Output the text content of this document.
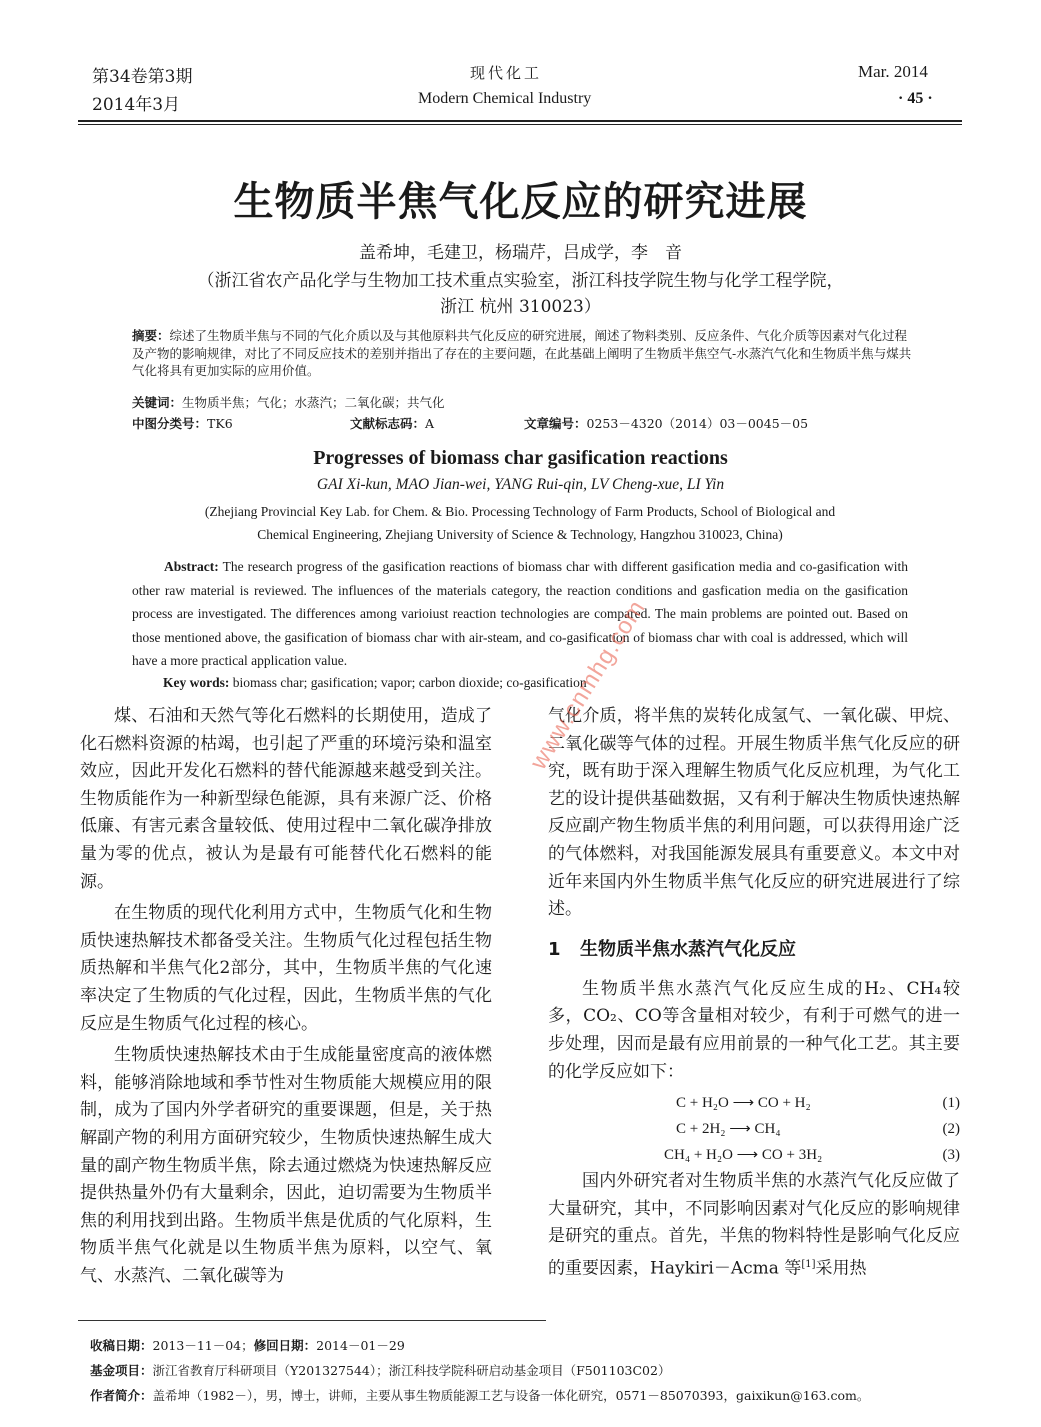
第34卷第3期
2014年3月
现代化工
Modern Chemical Industry
Mar. 2014
· 45 ·
生物质半焦气化反应的研究进展
盖希坤，毛建卫，杨瑞芹，吕成学，李　音
（浙江省农产品化学与生物加工技术重点实验室，浙江科技学院生物与化学工程学院，
浙江 杭州 310023）
摘要：综述了生物质半焦与不同的气化介质以及与其他原料共气化反应的研究进展，阐述了物料类别、反应条件、气化介质等因素对气化过程及产物的影响规律，对比了不同反应技术的差别并指出了存在的主要问题，在此基础上阐明了生物质半焦空气-水蒸汽气化和生物质半焦与煤共气化将具有更加实际的应用价值。
关键词：生物质半焦；气化；水蒸汽；二氧化碳；共气化
中图分类号：TK6	文献标志码：A	文章编号：0253－4320（2014）03－0045－05
Progresses of biomass char gasification reactions
GAI Xi-kun, MAO Jian-wei, YANG Rui-qin, LV Cheng-xue, LI Yin
(Zhejiang Provincial Key Lab. for Chem. & Bio. Processing Technology of Farm Products, School of Biological and
Chemical Engineering, Zhejiang University of Science & Technology, Hangzhou 310023, China)
Abstract: The research progress of the gasification reactions of biomass char with different gasification media and co-gasification with other raw material is reviewed. The influences of the materials category, the reaction conditions and gasfication media on the gasification process are investigated. The differences among varioiust reaction technologies are compared. The main problems are pointed out. Based on those mentioned above, the gasification of biomass char with air-steam, and co-gasification of biomass char with coal is addressed, which will have a more practical application value.
Key words: biomass char; gasification; vapor; carbon dioxide; co-gasification

煤、石油和天然气等化石燃料的长期使用，造成了化石燃料资源的枯竭，也引起了严重的环境污染和温室效应，因此开发化石燃料的替代能源越来越受到关注。生物质能作为一种新型绿色能源，具有来源广泛、价格低廉、有害元素含量较低、使用过程中二氧化碳净排放量为零的优点，被认为是最有可能替代化石燃料的能源。

在生物质的现代化利用方式中，生物质气化和生物质快速热解技术都备受关注。生物质气化过程包括生物质热解和半焦气化2部分，其中，生物质半焦的气化速率决定了生物质的气化过程，因此，生物质半焦的气化反应是生物质气化过程的核心。

生物质快速热解技术由于生成能量密度高的液体燃料，能够消除地域和季节性对生物质能大规模应用的限制，成为了国内外学者研究的重要课题，但是，关于热解副产物的利用方面研究较少，生物质快速热解生成大量的副产物生物质半焦，除去通过燃烧为快速热解反应提供热量外仍有大量剩余，因此，迫切需要为生物质半焦的利用找到出路。生物质半焦是优质的气化原料，生物质半焦气化就是以生物质半焦为原料，以空气、氧气、水蒸汽、二氧化碳等为

气化介质，将半焦的炭转化成氢气、一氧化碳、甲烷、二氧化碳等气体的过程。开展生物质半焦气化反应的研究，既有助于深入理解生物质气化反应机理，为气化工艺的设计提供基础数据，又有利于解决生物质快速热解反应副产物生物质半焦的利用问题，可以获得用途广泛的气体燃料，对我国能源发展具有重要意义。本文中对近年来国内外生物质半焦气化反应的研究进展进行了综述。

1 生物质半焦水蒸汽气化反应

生物质半焦水蒸汽气化反应生成的H₂、CH₄较多，CO₂、CO等含量相对较少，有利于可燃气的进一步处理，因而是最有应用前景的一种气化工艺。其主要的化学反应如下：

C + H₂O ⟶ CO + H₂	(1)
C + 2H₂ ⟶ CH₄	(2)
CH₄ + H₂O ⟶ CO + 3H₂	(3)

国内外研究者对生物质半焦的水蒸汽气化反应做了大量研究，其中，不同影响因素对气化反应的影响规律是研究的重点。首先，半焦的物料特性是影响气化反应的重要因素，Haykiri－Acma 等[1]采用热

www.cnmhg.com
收稿日期：2013－11－04；修回日期：2014－01－29
基金项目：浙江省教育厅科研项目（Y201327544）；浙江科技学院科研启动基金项目（F501103C02）
作者简介：盖希坤（1982－），男，博士，讲师，主要从事生物质能源工艺与设备一体化研究，0571－85070393，gaixikun@163.com。
